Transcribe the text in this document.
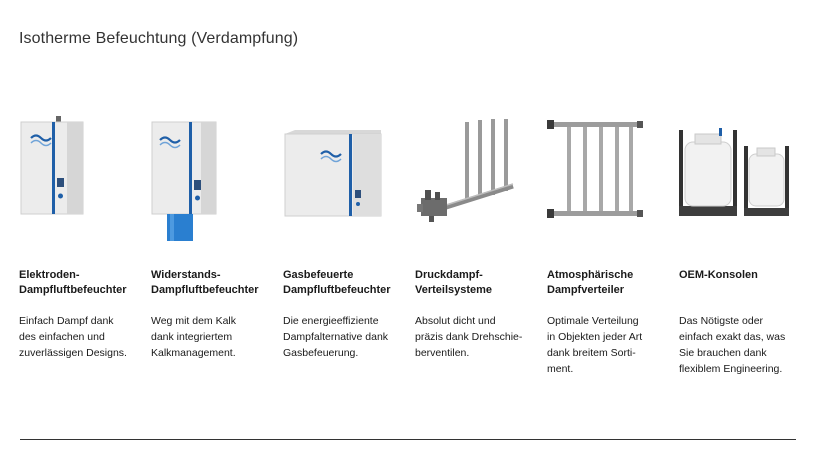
Isotherme Befeuchtung (Verdampfung)

Elektroden-
Dampfluftbefeuchter

Einfach Dampf dank
des einfachen und
zuverlässigen Designs.

Widerstands-
Dampfluftbefeuchter

Weg mit dem Kalk
dank integriertem
Kalkmanagement.

Gasbefeuerte
Dampfluftbefeuchter

Die energieeffiziente
Dampfalternative dank
Gasbefeuerung.

Druckdampf-
Verteilsysteme

Absolut dicht und
präzis dank Drehschie-
berventilen.

Atmosphärische
Dampfverteiler

Optimale Verteilung
in Objekten jeder Art
dank breitem Sorti-
ment.

OEM-Konsolen

Das Nötigste oder
einfach exakt das, was
Sie brauchen dank
flexiblem Engineering.
